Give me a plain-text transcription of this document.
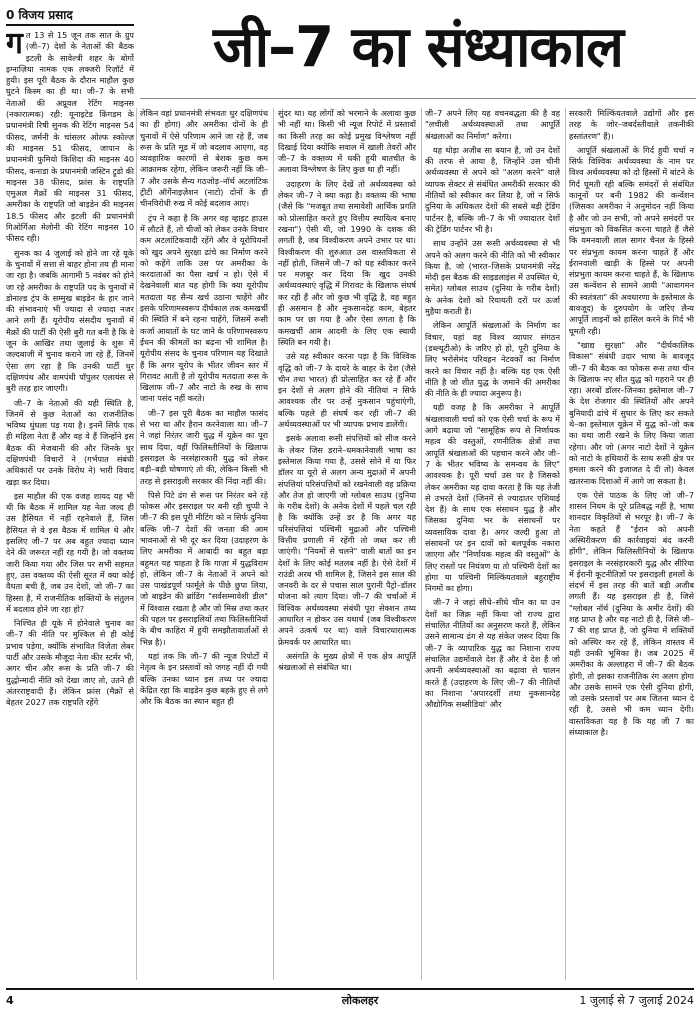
0 विजय प्रसाद	जी–7 का संध्याकाल

गत 13 से 15 जून तक सात के ग्रुप (जी–7) देशों के नेताओं की बैठक इटली के सावेल्त्री शहर के बोर्गो इग्नाज़िया नामक एक लक्जरी रिज़ॉर्ट में हुयी। इस पूरी बैठक के दौरान माहौल कुछ घुटने किस्म का ही था। जी–7 के सभी नेताओं की अप्रूवल रेटिंग माइनस (नकारात्मक) रही: यूनाइटेड किंगडम के प्रधानमंत्री रिषी सुनक की रेटिंग माइनस 54 फीसद, जर्मनी के चांसलर ओल्फ स्कोल्ज़ की माइनस 51 फीसद, जापान के प्रधानमंत्री फुमियो किशिदा की माइनस 40 फीसद, कनाडा के प्रधानमंत्री जस्टिन ट्रूडो की माइनस 38 फीसद, फ्रांस के राष्ट्रपति एमुअल मैक्रों की माइनस 31 फीसद, अमरीका के राष्ट्रपति जो बाइडेन की माइनस 18.5 फीसद और इटली की प्रधानमंत्री गिओर्गिआ मेलोनी की रेटिंग माइनस 10 फीसद रही।

सुनक का 4 जुलाई को होने जा रहे यूके के चुनावों में सत्ता से बाहर होना तय ही माना जा रहा है। जबकि आगामी 5 नवंबर को होने जा रहे अमरीका के राष्ट्रपति पद के चुनावों में डोनाल्ड ट्रंप के सम्मुख बाइडेन के हार जाने की संभावनाएं भी ज्यादा से ज्यादा नजर आने लगी हैं। यूरोपीय संसदीय चुनावों में मैक्रों की पार्टी की ऐसी बुरी गत बनी है कि वे जून के आखिर तथा जुलाई के शुरू में जल्दबाजी में चुनाव कराने जा रहे हैं, जिनमें ऐसा लग रहा है कि उनकी पार्टी धुर दक्षिणपंथ और वामपंथी पॉपुलर एलायंस से बुरी तरह हार जाएगी।

जी–7 के नेताओं की यही स्थिति है, जिनमें से कुछ नेताओं का राजनीतिक भविष्य धुंधला पड़ गया है। इनमें सिर्फ एक ही महिला नेता हैं और वह वे हैं जिन्होंने इस बैठक की मेजबानी की और जिनके धुर दक्षिणपंथी विचारों ने (गर्भपात संबंधी अधिकारों पर उनके विरोध ने) भारी विवाद खड़ा कर दिया।

इस माहौल की एक वजह शायद यह भी थी कि बैठक में शामिल यह नेता जल्द ही उस हैसियत में नहीं रहनेवाले हैं, जिस हैसियत से वे इस बैठक में शामिल थे और इसलिए जी–7 पर अब बहुत ज्यादा ध्यान देने की जरूरत नहीं रह गयी है। जो वक्तव्य जारी किया गया और जिस पर सभी सहमत हुए, उस वक्तव्य की ऐसी सूरत में क्या कोई वैधता बची है, जब उन देशों, जो जी–7 का हिस्सा है, में राजनीतिक शक्तियों के संतुलन में बदलाव होने जा रहा हो?

निश्चित ही यूके में होनेवाले चुनाव का जी–7 की नीति पर मुश्किल से ही कोई प्रभाव पड़ेगा, क्योंकि संभावित विजेता लेबर पार्टी और उसके मौजूदा नेता कीर स्टर्मर भी, अगर चीन और रूस के प्रति जी–7 की युद्धोन्मादी नीति को देखा जाए तो, उतने ही अंतरराष्ट्रवादी हैं। लेकिन फ्रांस (मैक्रों से बेहतर 2027 तक राष्ट्रपति रहेंगे

लेकिन वहां प्रधानमंत्री संभवतः धुर दक्षिणपंथ का ही होगा) और अमरीका दोनों के ही चुनावों में ऐसे परिणाम आने जा रहे हैं, जब रूस के प्रति मूड में जो बदलाव आएगा, वह व्यवहारिक कारणों से बेशक कुछ कम आक्रामक रहेगा, लेकिन जरूरी नहीं कि जी–7 और उसके सैन्य गठजोड़–नॉर्थ अटलांटिक ट्रीटी ऑर्गेनाइज़ेशन (नाटो) दोनों के ही चीनविरोधी रुख में कोई बदलाव आए।

ट्रंप ने कहा है कि अगर वह व्हाइट हाउस में लौटते हैं, तो चीजों को लेकर उनके विचार कम अटलांटिकवादी रहेंगे और वे यूरोपियनों को खुद अपने सुरक्षा ढांचे का निर्माण करने को कहेंगे ताकि उस पर अमरीका के करदाताओं का पैसा खर्च न हो। ऐसे में देखनेवाली बात यह होगी कि क्या यूरोपीय मतदाता यह सैन्य खर्च उठाना चाहेंगे और इसके परिणामस्वरूप दीर्घकाल तक कमखर्ची की स्थिति में बने रहना चाहेंगे, जिसमें रूसी कर्जा आयातों के घट जाने के परिणामस्वरूप ईंधन की कीमतों का बढ़ना भी शामिल है। यूरोपीय संसद के चुनाव परिणाम यह दिखाते हैं कि अगर यूरोप के भीतर जीवन स्तर में गिरावट आती है तो यूरोपीय मतदाता रूस के खिलाफ जी–7 और नाटो के रुख के साथ जाना पसंद नहीं करते।

जी–7 इस पूरी बैठक का माहौल फासंद से भरा था और हैरान करनेवाला था। जी–7 ने जहां निरंतर जारी युद्ध में यूक्रेन का पूरा साथ दिया, वहीं फिलिस्तीनियों के खिलाफ इसराइल के नरसंहारकारी युद्ध को लेकर बड़ी–बड़ी घोषणाएं तो की, लेकिन किसी भी तरह से इसराइली सरकार की निंदा नहीं की।

पिसे पिटे ढंग से रूस पर निरंतर बने रहे फोकस और इसराइल पर बनी रही चुप्पी ने जी–7 की इस पूरी मीटिंग को न सिर्फ दुनिया बल्कि जी–7 देशों की जनता की आम भावनाओं से भी दूर कर दिया (उदाहरण के लिए अमरीका में आबादी का बहुत बड़ा बहुमत यह चाहता है कि गाज़ा में युद्धविराम हो, लेकिन जी–7 के नेताओं ने अपने को उस पाखंडपूर्ण फार्मूले के पीछे छुपा लिया, जो बाइडेन की ब्रांडिंग "सर्वसम्मावेशी डील" में विश्वास रखता है और जो मिस्र तथा कतर की पहल पर इसराइलियों तथा फिलिस्तीनियों के बीच काहिरा में हुयी समझौतावार्ताओं से भिन्न है)।

यहां तक कि जी–7 की न्यूज रिपोर्टों में नेतृत्व के इन प्रस्तावों को जगह नहीं दी गयी बल्कि उनका ध्यान इस तथ्य पर ज्यादा केंद्रित रहा कि बाइडेन कुछ बहके हुए से लगे और कि बैठक का स्थान बहुत ही

सुंदर था। यह लोगों को भरमाने के अलावा कुछ भी नहीं था। किसी भी न्यूज रिपोर्ट में प्रस्तावों का किसी तरह का कोई प्रमुख विश्लेषण नहीं दिखाई दिया क्योंकि सवाल में खाली तेवरों और जी–7 के वक्तव्य में धकी हुयी बातचीत के अलावा विश्लेषण के लिए कुछ था ही नहीं।

उदाहरण के लिए देखें तो अर्थव्यवस्था को लेकर जी–7 ने क्या कहा है। वक्तव्य की भाषा (जैसे कि "मजबूत तथा समावेशी आर्थिक प्रगति को प्रोत्साहित करते हुए वित्तीय स्थायित्व बनाए रखना") ऐसी थी, जो 1990 के दशक की लगती है, जब विश्वीकरण अपने उभार पर था। विश्वीकरण की शुरुआत उस वास्तविकता से नहीं होती, जिसमें जी–7 को यह स्वीकार करने पर मजबूर कर दिया कि खुद उनकी अर्थव्यवस्थाएं वृद्धि में गिरावट के खिलाफ संघर्ष कर रही हैं और जो कुछ भी वृद्धि है, वह बहुत ही असमान है और नुकसानदेह काम, बेहतर काम पर छा गया है और ऐसा लगता है कि कमखर्ची आम आदमी के लिए एक स्थायी स्थिति बन गयी है।

उसे यह स्वीकार करना पड़ा है कि विश्विक वृद्धि को जी–7 के दायरे के बाहर के देश (जैसे चीन तथा भारत) ही प्रोत्साहित कर रहे हैं और इन देशों से अलग होने की नीतियां न सिर्फ आवश्यक तौर पर उन्हें नुकसान पहुंचाएंगी, बल्कि पहले ही संघर्ष कर रही जी–7 की अर्थव्यवस्थाओं पर भी व्यापक प्रभाव डालेंगी।

इसके अलावा रूसी संपत्तियों को सीज करने के लेकर जिस डराने–धमकानेवाली भाषा का इस्तेमाल किया गया है, उससे सोने में या फिर डॉलर या यूरो से अलग अन्य मुद्राओं में अपनी संपत्तियां परिसंपत्तियों को रखनेवाली वह प्रक्रिया और तेज हो जाएगी जो ग्लोबल साउथ (दुनिया के गरीब देशों) के अनेक देशों में पहले चल रही है कि क्योंकि उन्हें डर है कि अगर यह परिसंपत्तियां पश्चिमी मुद्राओं और पश्चिमी वित्तीय प्रणाली में रहेंगी तो जब्त कर ली जाएंगी। "नियमों से चलने" वाली बातों का इन देशों के लिए कोई मतलब नहीं है। ऐसे देशों में राउंडी अरब भी शामिल है, जिसने इस साल की जनवरी के दर से पचास साल पुरानी पैट्रो–डॉलर योजना को त्याग दिया। जी–7 की चर्चाओं में विश्विक अर्थव्यवस्था संबंधी पूरा सेक्शन तथ्य आधारित न होकर उस यथार्थ (जब विश्वीकरण अपने उत्कर्ष पर था) वाले विचारधारात्मक फ्रेमवर्क पर आधारित था।

असंगति के मुख्य क्षेत्रों में एक क्षेत्र आपूर्ति श्रंखलाओं से संबंधित था।

जी–7 अपने लिए यह वचनबद्धता की है वह "लचीली अर्थव्यवस्थाओं तथा आपूर्ति श्रंखलाओं का निर्माण" करेगा।

यह थोड़ा अजीब सा बयान है, जो उन देशों की तरफ से आया है, जिन्होंने उस चीनी अर्थव्यवस्था से अपने को "अलग करने" वाले व्यापक सेक्टर से संबंधित अमरीकी सरकार की नीतियों को स्वीकार कर लिया है, जो न सिर्फ दुनिया के अधिकतर देशों की सबसे बड़ी ट्रेडिंग पार्टनर है, बल्कि जी–7 के भी ज्यादातर देशों की ट्रेडिंग पार्टनर भी है।

साथ उन्होंने उस रूसी अर्थव्यवस्था से भी अपने को अलग करने की नीति को भी स्वीकार किया है, जो (भारत–जिसके प्रधानमंत्री नरेंद्र मोदी इस बैठक की साइडलाइंस में उपस्थित थे, समेत) ग्लोबल साउथ (दुनिया के गरीब देशों) के अनेक देशों को रियायती दरों पर ऊर्जा मुहैया कराती है।

लेकिन आपूर्ति श्रंखलाओं के निर्माण का विचार, यहां वह विश्व व्यापार संगठन (डब्ल्यूटीओ) के जरिए हो हो, पूरी दुनिया के लिए भरोसेमंद परिवहन नेटवर्कों का निर्माण करने का विचार नहीं है। बल्कि यह एक ऐसी नीति है जो शीत युद्ध के जमाने की अमरीका की नीति के ही ज्यादा अनुरूप है।

यही वजह है कि अमरीका ने आपूर्ति श्रंखलावाली चर्चा को एक ऐसी चर्चा के रूप में आगे बढ़ाया जो "सामूहिक रूप से निर्णायक महत्व की वस्तुओं, रणनीतिक क्षेत्रों तथा आपूर्ति श्रंखलाओं की पहचान करने और जी–7 के भीतर भविष्य के समन्वय के लिए" आवश्यक है। पूरी चर्चा उस पर है जिसको लेकर अमरीका यह दावा करता है कि यह तेजी से उभरते देशों (जिनमें से ज्यादातर एशियाई देश हैं) के साथ एक संसाधन युद्ध है और जिसका दुनिया भर के संसाधनों पर व्यवसायिक दावा है। अगर जल्दी हुआ तो संसाधनों पर इन दावों को बलपूर्वक नकारा जाएगा और "निर्णायक महत्व की वस्तुओं" के लिए रास्तों पर नियंत्रण या तो पश्चिमी देशों का होगा या पश्चिमी मिल्किंयतवाले बहुराष्ट्रीय निगमों का होगा।

जी–7 ने जहां सीधे–सीधे चीन का या उन देशों का जिक्र नहीं किया जो राज्य द्वारा संचालित नीतियों का अनुसरण करते हैं, लेकिन उसने सामान्य ढंग से यह संकेत जरूर दिया कि जी–7 के व्यापारिक युद्ध का निशाना राज्य संचालित उद्यमोंवाले देश हैं और वे देश हैं जो अपनी अर्थव्यवस्थाओं का बढ़ावा से चालन करते हैं (उदाहरण के लिए जी–7 की नीतियों का निशाना 'अपारदर्शी तथा नुकसानदेह औद्योगिक सब्सीडियां' और

सरकारी मिल्किंयतवाले उद्योगों और इस तरह के जोर–जबर्दस्तीवाले तकनीकी हस्तांतरण" हैं)।

आपूर्ति श्रंखलाओं के गिर्द हुयी चर्चा न सिर्फ विश्विक अर्थव्यवस्था के नाम पर विश्व अर्थव्यवस्था को दो हिस्सों में बांटने के गिर्द घूमती रही बल्कि समंदरों से संबंधित कानूनों पर बनी 1982 की कन्वेंशन (जिसका अमरीका ने अनुमोदन नहीं किया है और जो उन सभी, जो अपने समंदरों पर संप्रभुता को विकसित करना चाहते हैं जैसे कि यमनवाली लाल सागर चैनल के हिस्से पर संप्रभुता कायम करना चाहते हैं और ईरानवाली खाड़ी के हिस्से पर अपनी संप्रभुता कायम करना चाहते हैं, के खिलाफ उस कन्वेंशन से सामने आयी "आवागमन की स्वतंत्रता" की अवधारणा के इस्तेमाल के बावजूद) के दुरुपयोग के जरिए लैन्य आपूर्ति लाइनों को हासिल करने के गिर्द भी घूमती रही।

"खाद्य सुरक्षा" और "दीर्घकालिक विकास" संबंधी उदार भाषा के बावजूद जी–7 की बैठक का फोकस रूस तथा चीन के खिलाफ नए शीत युद्ध को गहराने पर ही रहा। अरबों डॉलर–जिनका इस्तेमाल जी–7 के देश रोजगार की स्थितियों और अपने बुनियादी ढांचे में सुधार के लिए कर सकते थे–का इस्तेमाल यूक्रेन में युद्ध को–जो कब का यथा जारी रखने के लिए किया जाता रहेगा। और जो (अगर नाटो देशों ने यूक्रेन को नाटो के हथियारों के साथ रूसी क्षेत्र पर हमला करने की इजाजत दे दी तो) केवल खतरनाक दिशाओं में आगे जा सकता है।

एक ऐसे पाठक के लिए जो जी–7 शासन नियम के पूरे प्रतिबद्ध नहीं है, भाषा शानदार विकृतियों से भरपूर है। जी–7 के नेता कहते हैं "ईरान को अपनी अस्थिरीकरण की कार्रवाइयां बंद करनी होंगी", लेकिन फिलिस्तीनियों के खिलाफ इसराइल के नरसंहारकारी युद्ध और सीरिया में ईरानी कूटनीतिज्ञों पर इसराइली हमलों के संदर्भ में इस तरह की बातें बड़ी अजीब लगती हैं। यह इसराइल ही है, जिसे "ग्लोबल नॉर्थ (दुनिया के अमीर देशों) की शह प्राप्त है और यह नाटो ही है, जिसे जी–7 की शह प्राप्त है, जो दुनिया में शक्तियों को अस्थिर कर रहे हैं, लेकिन वास्तव में यही उनकी भूमिका है। जब 2025 में अमरीका के अल्लाहरा में जी–7 की बैठक होगी, तो इसका राजनीतिक रंग अलग होगा और उसके सामने एक ऐसी दुनिया होगी, जो उसके प्रस्तावों पर अब जितना ध्यान दे रही है, उससे भी कम ध्यान देगी। वास्तविकता यह है कि यह जी 7 का संध्याकाल है।

4	लोकलहर	1 जुलाई से 7 जुलाई 2024
